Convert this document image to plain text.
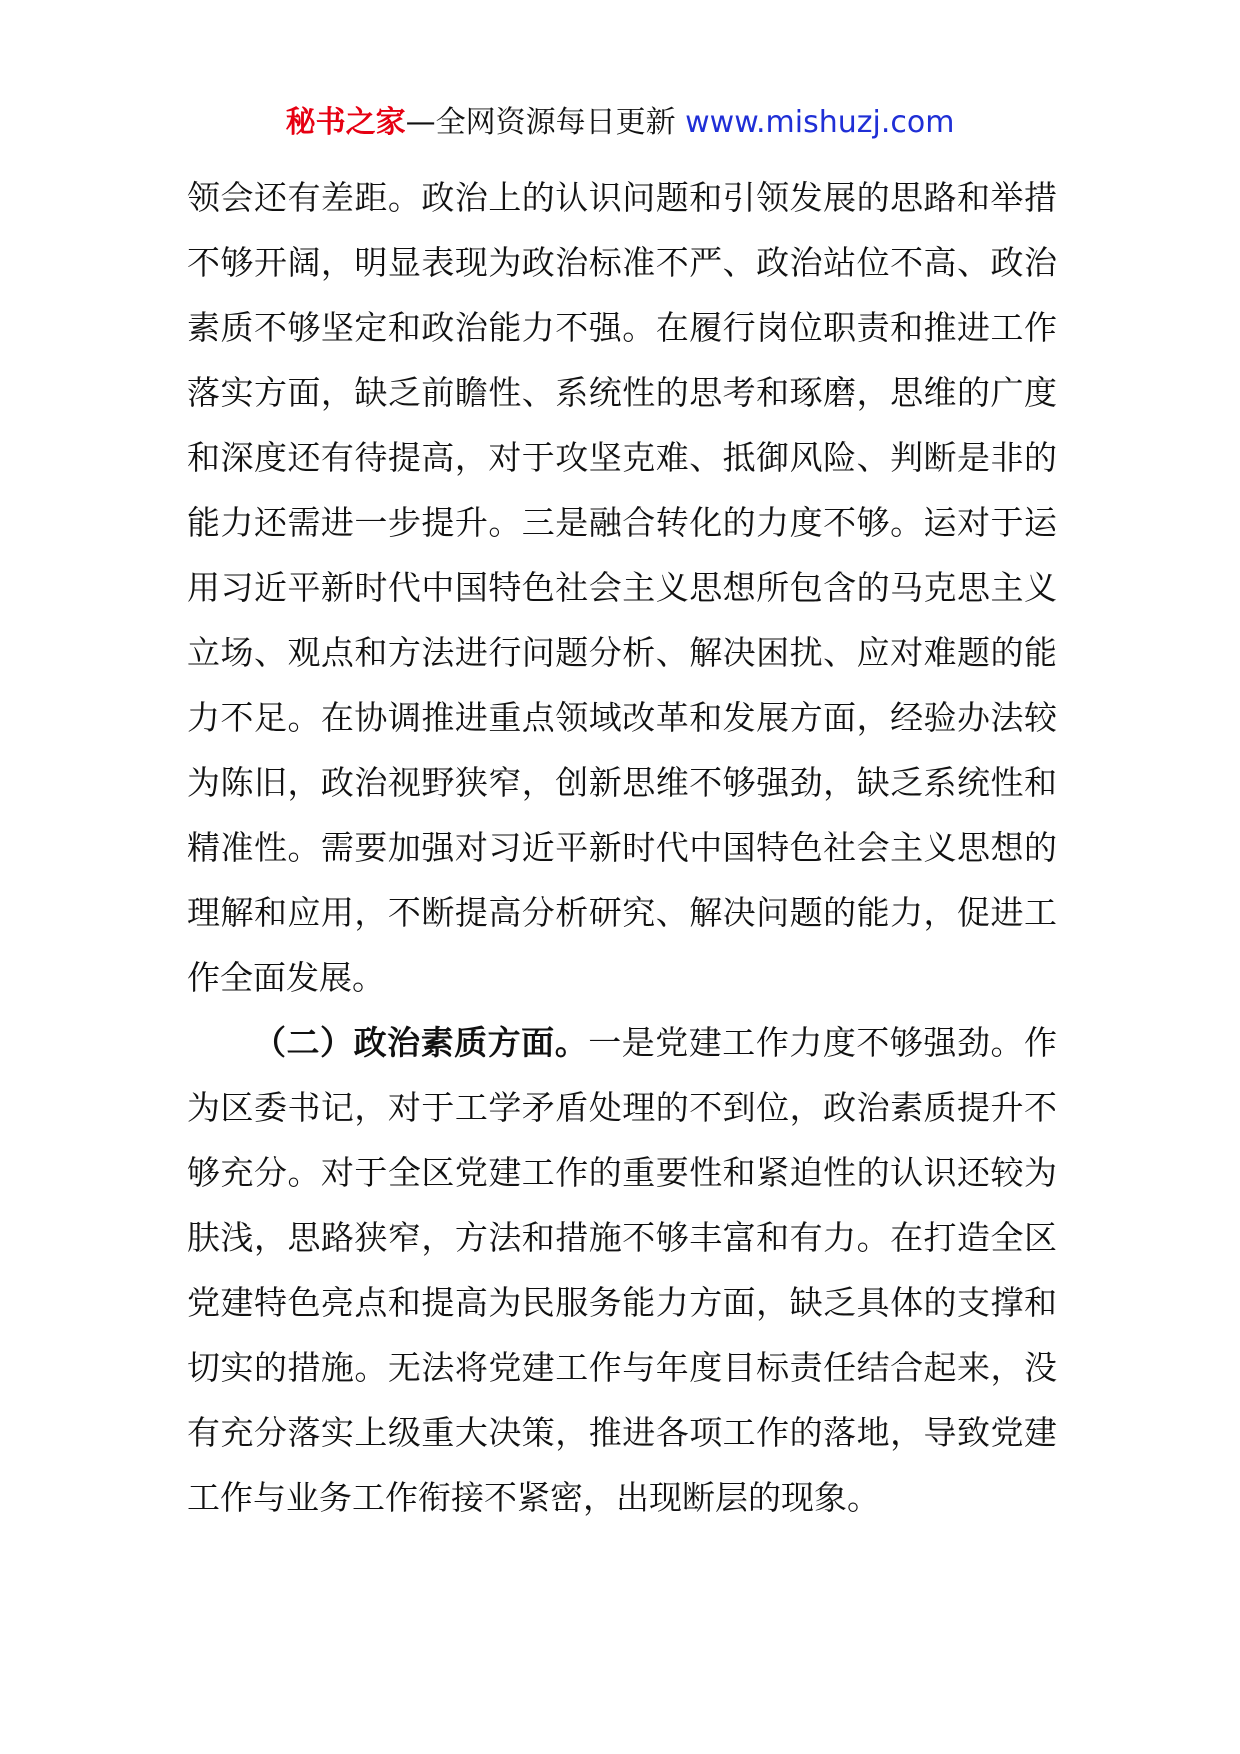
秘书之家—全网资源每日更新 www.mishuzj.com

领会还有差距。政治上的认识问题和引领发展的思路和举措不够开阔，明显表现为政治标准不严、政治站位不高、政治素质不够坚定和政治能力不强。在履行岗位职责和推进工作落实方面，缺乏前瞻性、系统性的思考和琢磨，思维的广度和深度还有待提高，对于攻坚克难、抵御风险、判断是非的能力还需进一步提升。三是融合转化的力度不够。运对于运用习近平新时代中国特色社会主义思想所包含的马克思主义立场、观点和方法进行问题分析、解决困扰、应对难题的能力不足。在协调推进重点领域改革和发展方面，经验办法较为陈旧，政治视野狭窄，创新思维不够强劲，缺乏系统性和精准性。需要加强对习近平新时代中国特色社会主义思想的理解和应用，不断提高分析研究、解决问题的能力，促进工作全面发展。

（二）政治素质方面。一是党建工作力度不够强劲。作为区委书记，对于工学矛盾处理的不到位，政治素质提升不够充分。对于全区党建工作的重要性和紧迫性的认识还较为肤浅，思路狭窄，方法和措施不够丰富和有力。在打造全区党建特色亮点和提高为民服务能力方面，缺乏具体的支撑和切实的措施。无法将党建工作与年度目标责任结合起来，没有充分落实上级重大决策，推进各项工作的落地，导致党建工作与业务工作衔接不紧密，出现断层的现象。
